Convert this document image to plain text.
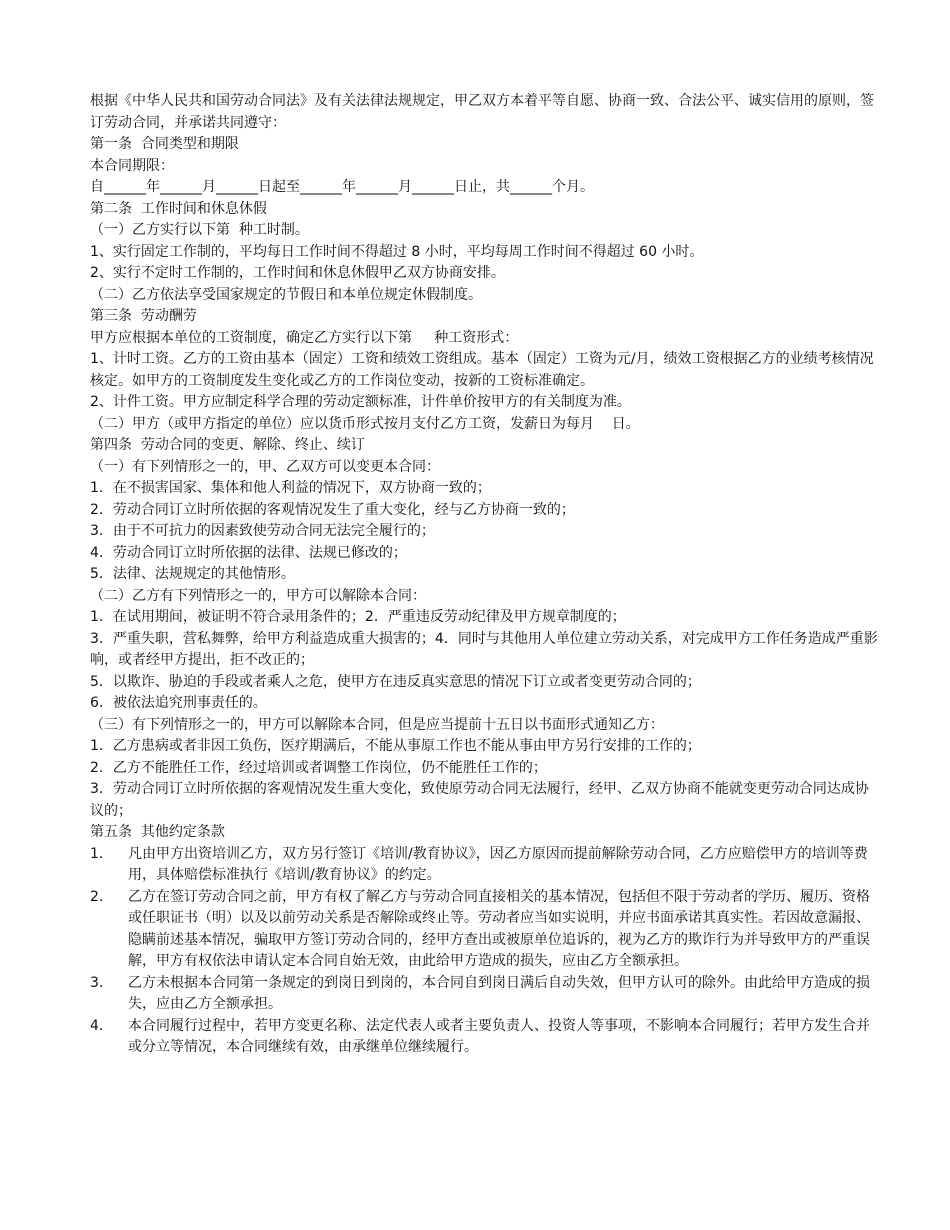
根据《中华人民共和国劳动合同法》及有关法律法规规定，甲乙双方本着平等自愿、协商一致、合法公平、诚实信用的原则，签订劳动合同，并承诺共同遵守：

第一条  合同类型和期限

本合同期限：

自______年______月______日起至______年______月______日止，共______个月。

第二条  工作时间和休息休假

（一）乙方实行以下第  种工时制。

1、实行固定工作制的，平均每日工作时间不得超过 8 小时，平均每周工作时间不得超过 60 小时。

2、实行不定时工作制的，工作时间和休息休假甲乙双方协商安排。

（二）乙方依法享受国家规定的节假日和本单位规定休假制度。

第三条  劳动酬劳

甲方应根据本单位的工资制度，确定乙方实行以下第     种工资形式：

1、计时工资。乙方的工资由基本（固定）工资和绩效工资组成。基本（固定）工资为元/月，绩效工资根据乙方的业绩考核情况核定。如甲方的工资制度发生变化或乙方的工作岗位变动，按新的工资标准确定。

2、计件工资。甲方应制定科学合理的劳动定额标准，计件单价按甲方的有关制度为准。

（二）甲方（或甲方指定的单位）应以货币形式按月支付乙方工资，发薪日为每月    日。

第四条  劳动合同的变更、解除、终止、续订

（一）有下列情形之一的，甲、乙双方可以变更本合同：

1．在不损害国家、集体和他人利益的情况下，双方协商一致的；

2．劳动合同订立时所依据的客观情况发生了重大变化，经与乙方协商一致的；

3．由于不可抗力的因素致使劳动合同无法完全履行的；

4．劳动合同订立时所依据的法律、法规已修改的；

5．法律、法规规定的其他情形。

（二）乙方有下列情形之一的，甲方可以解除本合同：

1．在试用期间，被证明不符合录用条件的；2．严重违反劳动纪律及甲方规章制度的；

3．严重失职，营私舞弊，给甲方利益造成重大损害的；4．同时与其他用人单位建立劳动关系，对完成甲方工作任务造成严重影响，或者经甲方提出，拒不改正的；

5．以欺诈、胁迫的手段或者乘人之危，使甲方在违反真实意思的情况下订立或者变更劳动合同的；

6．被依法追究刑事责任的。

（三）有下列情形之一的，甲方可以解除本合同，但是应当提前十五日以书面形式通知乙方：

1．乙方患病或者非因工负伤，医疗期满后，不能从事原工作也不能从事由甲方另行安排的工作的；

2．乙方不能胜任工作，经过培训或者调整工作岗位，仍不能胜任工作的；

3．劳动合同订立时所依据的客观情况发生重大变化，致使原劳动合同无法履行，经甲、乙双方协商不能就变更劳动合同达成协议的；

第五条  其他约定条款

1．	凡由甲方出资培训乙方，双方另行签订《培训/教育协议》，因乙方原因而提前解除劳动合同，乙方应赔偿甲方的培训等费用，具体赔偿标准执行《培训/教育协议》的约定。
2．	乙方在签订劳动合同之前，甲方有权了解乙方与劳动合同直接相关的基本情况，包括但不限于劳动者的学历、履历、资格或任职证书（明）以及以前劳动关系是否解除或终止等。劳动者应当如实说明，并应书面承诺其真实性。若因故意漏报、隐瞒前述基本情况，骗取甲方签订劳动合同的，经甲方查出或被原单位追诉的，视为乙方的欺诈行为并导致甲方的严重误解，甲方有权依法申请认定本合同自始无效，由此给甲方造成的损失，应由乙方全额承担。
3．	乙方未根据本合同第一条规定的到岗日到岗的，本合同自到岗日满后自动失效，但甲方认可的除外。由此给甲方造成的损失，应由乙方全额承担。
4．	本合同履行过程中，若甲方变更名称、法定代表人或者主要负责人、投资人等事项，不影响本合同履行；若甲方发生合并或分立等情况，本合同继续有效，由承继单位继续履行。
